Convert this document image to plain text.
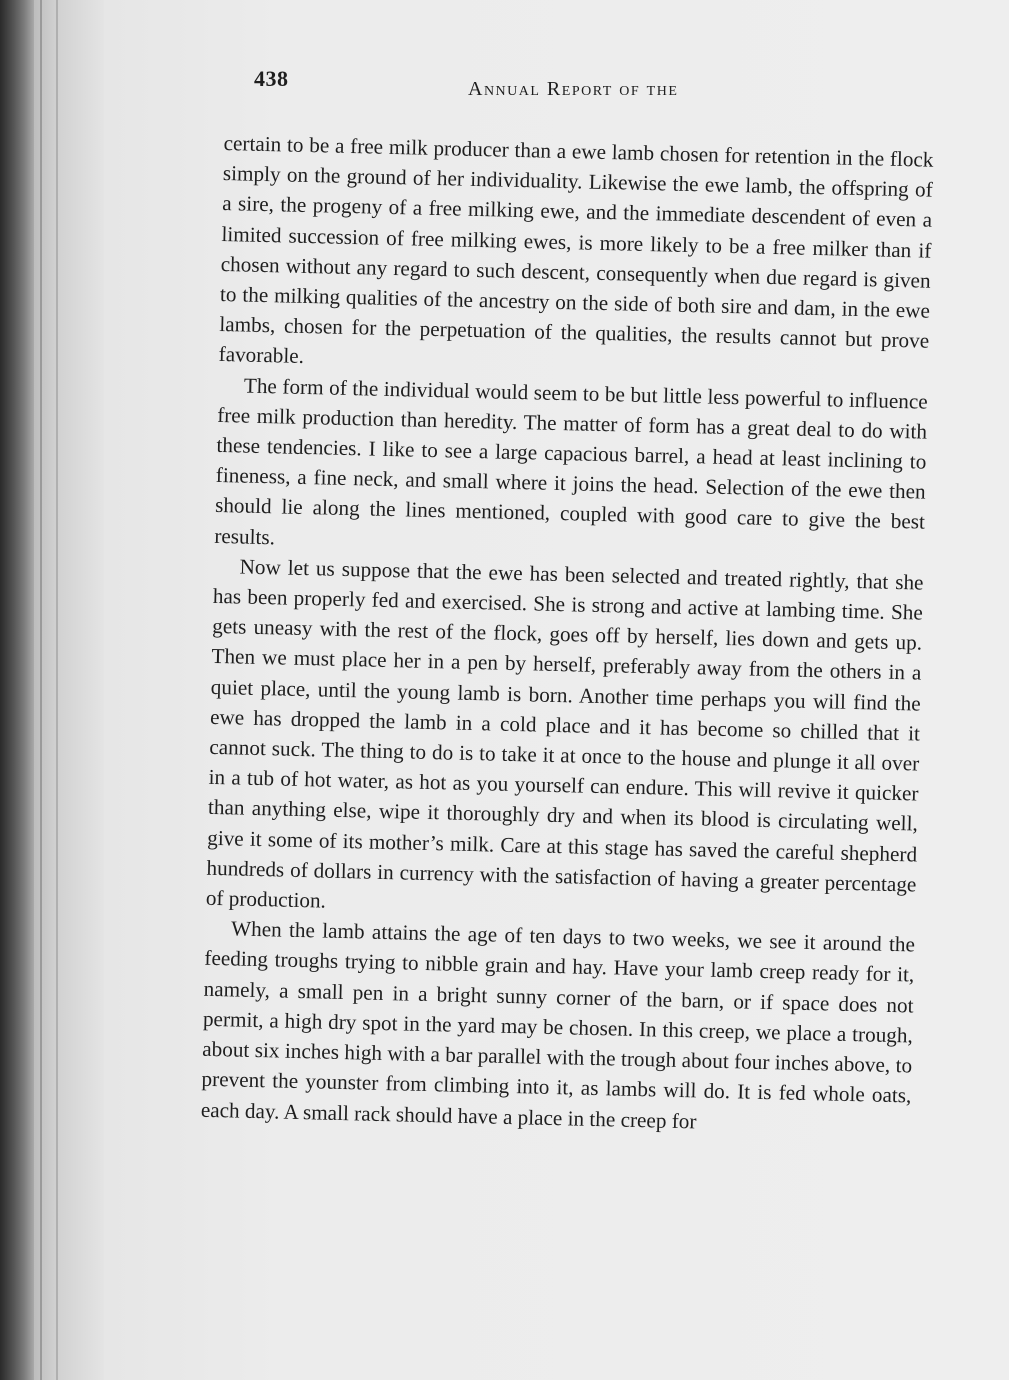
438	Annual Report of the

certain to be a free milk producer than a ewe lamb chosen for retention in the flock simply on the ground of her individuality. Likewise the ewe lamb, the offspring of a sire, the progeny of a free milking ewe, and the immediate descendent of even a limited succession of free milking ewes, is more likely to be a free milker than if chosen without any regard to such descent, consequently when due regard is given to the milking qualities of the ancestry on the side of both sire and dam, in the ewe lambs, chosen for the perpetuation of the qualities, the results cannot but prove favorable.

The form of the individual would seem to be but little less powerful to influence free milk production than heredity. The matter of form has a great deal to do with these tendencies. I like to see a large capacious barrel, a head at least inclining to fineness, a fine neck, and small where it joins the head. Selection of the ewe then should lie along the lines mentioned, coupled with good care to give the best results.

Now let us suppose that the ewe has been selected and treated rightly, that she has been properly fed and exercised. She is strong and active at lambing time. She gets uneasy with the rest of the flock, goes off by herself, lies down and gets up. Then we must place her in a pen by herself, preferably away from the others in a quiet place, until the young lamb is born. Another time perhaps you will find the ewe has dropped the lamb in a cold place and it has become so chilled that it cannot suck. The thing to do is to take it at once to the house and plunge it all over in a tub of hot water, as hot as you yourself can endure. This will revive it quicker than anything else, wipe it thoroughly dry and when its blood is circulating well, give it some of its mother’s milk. Care at this stage has saved the careful shepherd hundreds of dollars in currency with the satisfaction of having a greater percentage of production.

When the lamb attains the age of ten days to two weeks, we see it around the feeding troughs trying to nibble grain and hay. Have your lamb creep ready for it, namely, a small pen in a bright sunny corner of the barn, or if space does not permit, a high dry spot in the yard may be chosen. In this creep, we place a trough, about six inches high with a bar parallel with the trough about four inches above, to prevent the younster from climbing into it, as lambs will do. It is fed whole oats, each day. A small rack should have a place in the creep for
